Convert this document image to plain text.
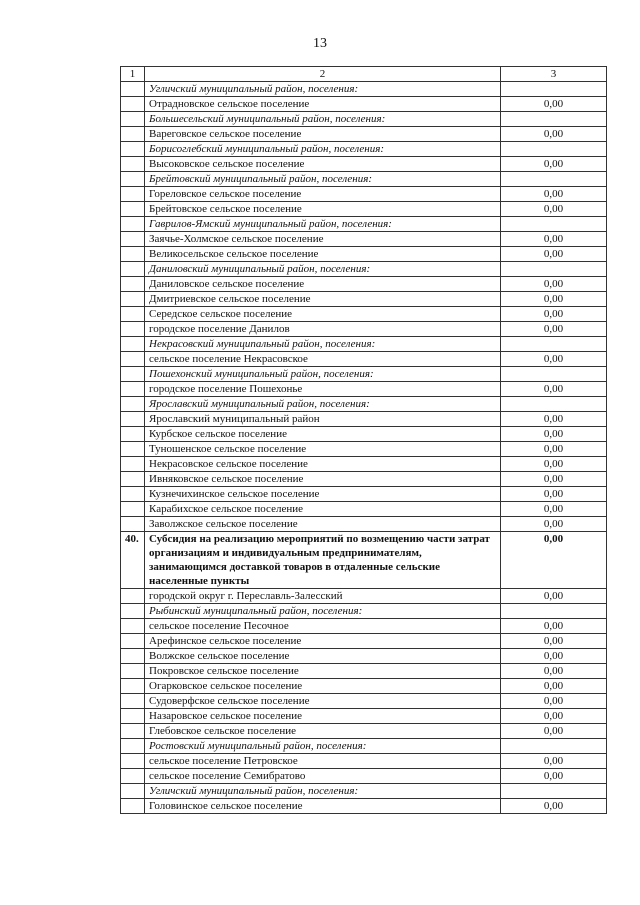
13
1	2	3
	Угличский муниципальный район, поселения:	
	Отрадновское сельское поселение	0,00
	Большесельский муниципальный район, поселения:	
	Вареговское сельское поселение	0,00
	Борисоглебский муниципальный район, поселения:	
	Высоковское сельское поселение	0,00
	Брейтовский муниципальный район, поселения:	
	Гореловское сельское поселение	0,00
	Брейтовское сельское поселение	0,00
	Гаврилов-Ямский муниципальный район, поселения:	
	Заячье-Холмское сельское поселение	0,00
	Великосельское сельское поселение	0,00
	Даниловский муниципальный район, поселения:	
	Даниловское сельское поселение	0,00
	Дмитриевское сельское поселение	0,00
	Середское сельское поселение	0,00
	городское поселение Данилов	0,00
	Некрасовский муниципальный район, поселения:	
	сельское поселение Некрасовское	0,00
	Пошехонский муниципальный район, поселения:	
	городское поселение Пошехонье	0,00
	Ярославский муниципальный район, поселения:	
	Ярославский муниципальный район	0,00
	Курбское сельское поселение	0,00
	Туношенское сельское поселение	0,00
	Некрасовское сельское поселение	0,00
	Ивняковское сельское поселение	0,00
	Кузнечихинское сельское поселение	0,00
	Карабихское сельское поселение	0,00
	Заволжское сельское поселение	0,00
40.	Субсидия на реализацию мероприятий по возмещению части затрат организациям и индивидуальным предпринимателям, занимающимся доставкой товаров в отдаленные сельские населенные пункты	0,00
	городской округ г. Переславль-Залесский	0,00
	Рыбинский муниципальный район, поселения:	
	сельское поселение Песочное	0,00
	Арефинское сельское поселение	0,00
	Волжское сельское поселение	0,00
	Покровское сельское поселение	0,00
	Огарковское сельское поселение	0,00
	Судоверфское сельское поселение	0,00
	Назаровское сельское поселение	0,00
	Глебовское сельское поселение	0,00
	Ростовский муниципальный район, поселения:	
	сельское поселение Петровское	0,00
	сельское поселение Семибратово	0,00
	Угличский муниципальный район, поселения:	
	Головинское сельское поселение	0,00
